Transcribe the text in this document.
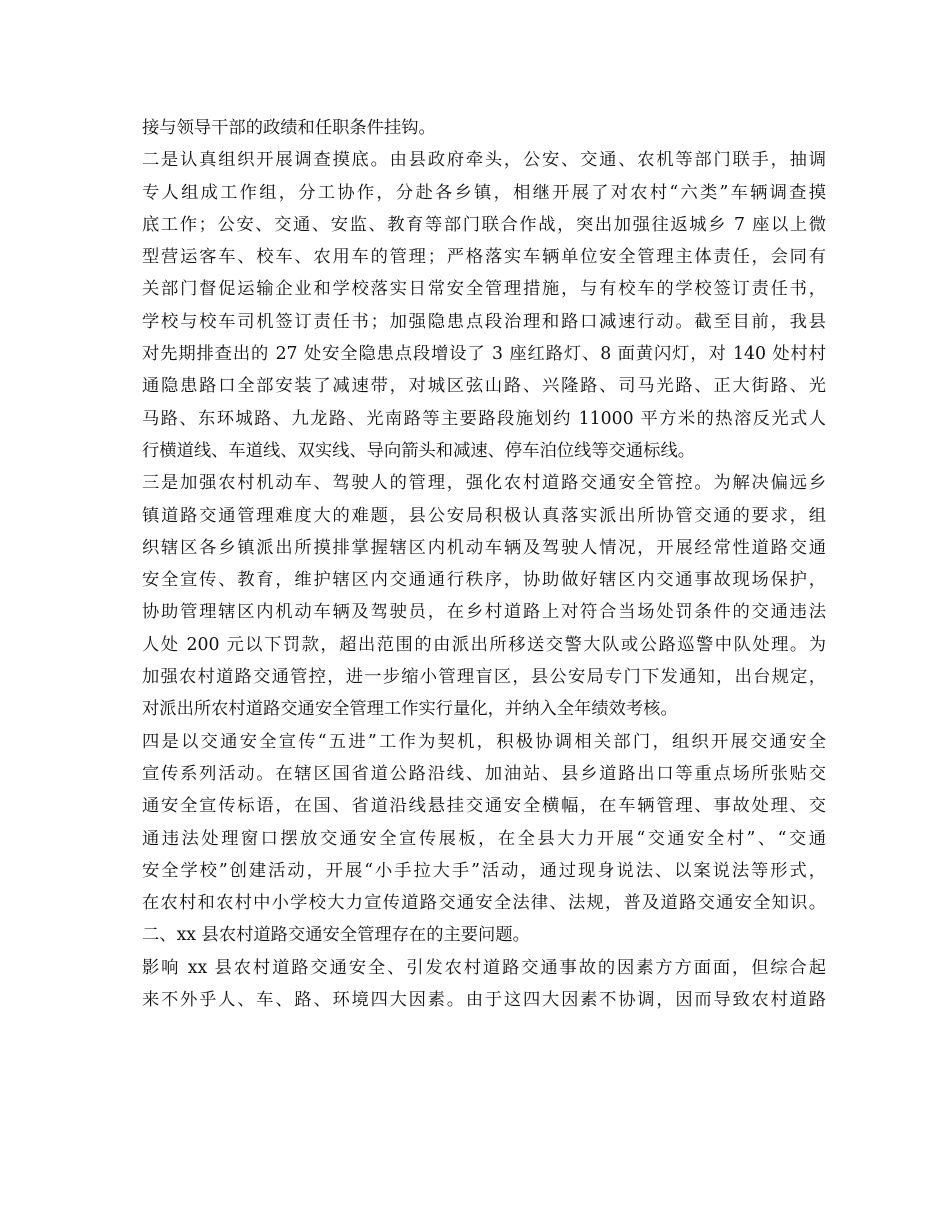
接与领导干部的政绩和任职条件挂钩。
二是认真组织开展调查摸底。由县政府牵头，公安、交通、农机等部门联手，抽调
专人组成工作组，分工协作，分赴各乡镇，相继开展了对农村“六类”车辆调查摸
底工作；公安、交通、安监、教育等部门联合作战，突出加强往返城乡 7 座以上微
型营运客车、校车、农用车的管理；严格落实车辆单位安全管理主体责任，会同有
关部门督促运输企业和学校落实日常安全管理措施，与有校车的学校签订责任书，
学校与校车司机签订责任书；加强隐患点段治理和路口减速行动。截至目前，我县
对先期排查出的 27 处安全隐患点段增设了 3 座红路灯、8 面黄闪灯，对 140 处村村
通隐患路口全部安装了减速带，对城区弦山路、兴隆路、司马光路、正大街路、光
马路、东环城路、九龙路、光南路等主要路段施划约 11000 平方米的热溶反光式人
行横道线、车道线、双实线、导向箭头和减速、停车泊位线等交通标线。
三是加强农村机动车、驾驶人的管理，强化农村道路交通安全管控。为解决偏远乡
镇道路交通管理难度大的难题，县公安局积极认真落实派出所协管交通的要求，组
织辖区各乡镇派出所摸排掌握辖区内机动车辆及驾驶人情况，开展经常性道路交通
安全宣传、教育，维护辖区内交通通行秩序，协助做好辖区内交通事故现场保护，
协助管理辖区内机动车辆及驾驶员，在乡村道路上对符合当场处罚条件的交通违法
人处 200 元以下罚款，超出范围的由派出所移送交警大队或公路巡警中队处理。为
加强农村道路交通管控，进一步缩小管理盲区，县公安局专门下发通知，出台规定，
对派出所农村道路交通安全管理工作实行量化，并纳入全年绩效考核。
四是以交通安全宣传“五进”工作为契机，积极协调相关部门，组织开展交通安全
宣传系列活动。在辖区国省道公路沿线、加油站、县乡道路出口等重点场所张贴交
通安全宣传标语，在国、省道沿线悬挂交通安全横幅，在车辆管理、事故处理、交
通违法处理窗口摆放交通安全宣传展板，在全县大力开展“交通安全村”、“交通
安全学校”创建活动，开展“小手拉大手”活动，通过现身说法、以案说法等形式，
在农村和农村中小学校大力宣传道路交通安全法律、法规，普及道路交通安全知识。
二、xx 县农村道路交通安全管理存在的主要问题。
影响 xx 县农村道路交通安全、引发农村道路交通事故的因素方方面面，但综合起
来不外乎人、车、路、环境四大因素。由于这四大因素不协调，因而导致农村道路
